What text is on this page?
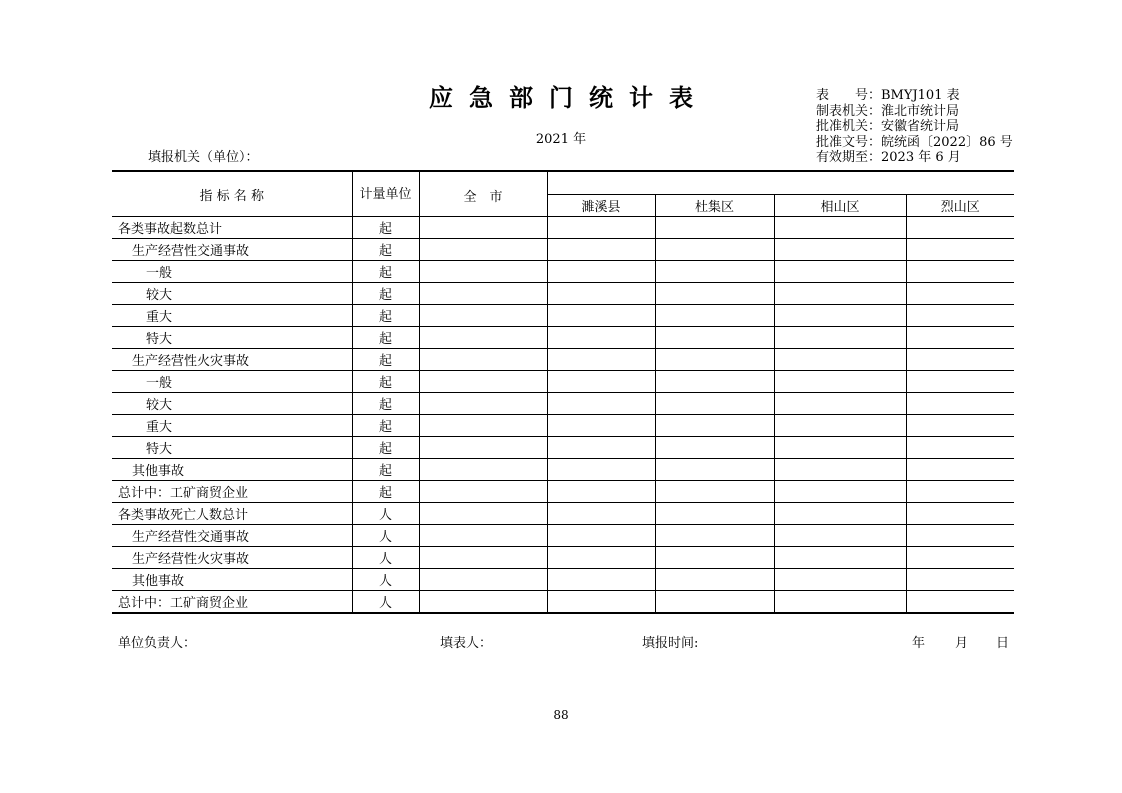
应急部门统计表
2021 年
填报机关（单位）：
表　　号：BMYJ101 表
制表机关：淮北市统计局
批准机关：安徽省统计局
批准文号：皖统函〔2022〕86 号
有效期至：2023 年 6 月
指 标 名 称	计量单位	全　市				
			濉溪县	杜集区	相山区	烈山区
各类事故起数总计	起					
生产经营性交通事故	起					
一般	起					
较大	起					
重大	起					
特大	起					
生产经营性火灾事故	起					
一般	起					
较大	起					
重大	起					
特大	起					
其他事故	起					
总计中：工矿商贸企业	起					
各类事故死亡人数总计	人					
生产经营性交通事故	人					
生产经营性火灾事故	人					
其他事故	人					
总计中：工矿商贸企业	人					
单位负责人：	填表人：	填报时间:	年 月 日
88
